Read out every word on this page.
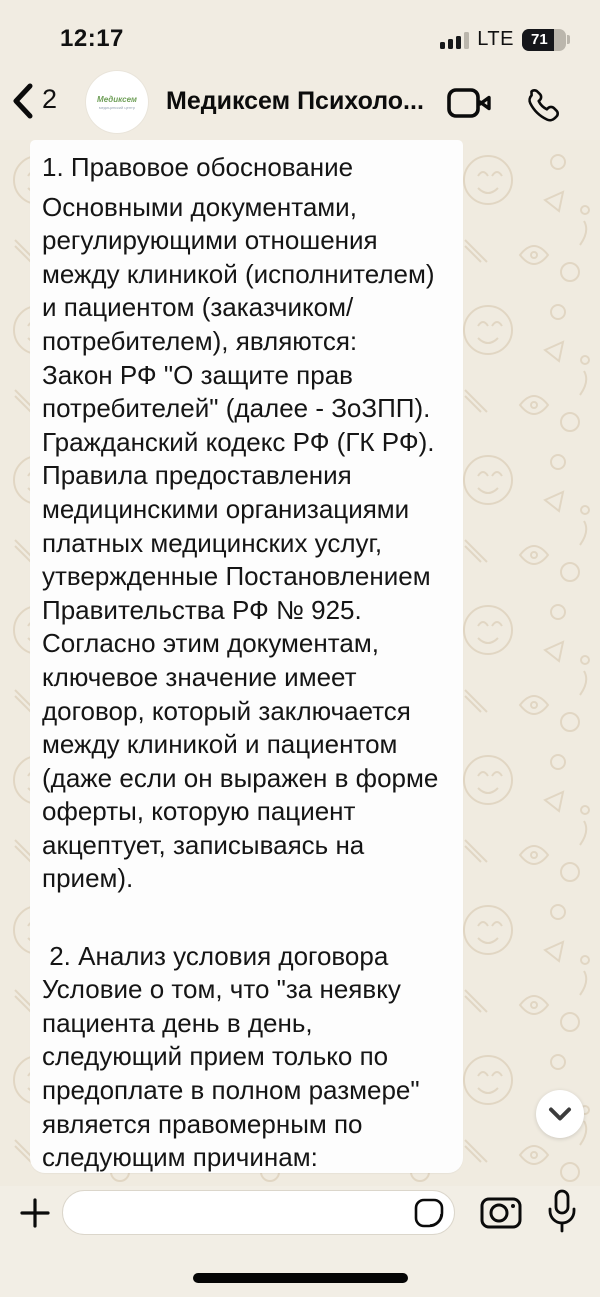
12:17	LTE	71
2	Медиксем
медицинский центр Медиксем Психоло...
1. Правовое обоснование
Основными документами,
регулирующими отношения
между клиникой (исполнителем)
и пациентом (заказчиком/
потребителем), являются:
Закон РФ "О защите прав
потребителей" (далее - ЗоЗПП).
Гражданский кодекс РФ (ГК РФ).
Правила предоставления
медицинскими организациями
платных медицинских услуг,
утвержденные Постановлением
Правительства РФ № 925.
Согласно этим документам,
ключевое значение имеет
договор, который заключается
между клиникой и пациентом
(даже если он выражен в форме
оферты, которую пациент
акцептует, записываясь на
прием).

2. Анализ условия договора
Условие о том, что "за неявку
пациента день в день,
следующий прием только по
предоплате в полном размере"
является правомерным по
следующим причинам:
